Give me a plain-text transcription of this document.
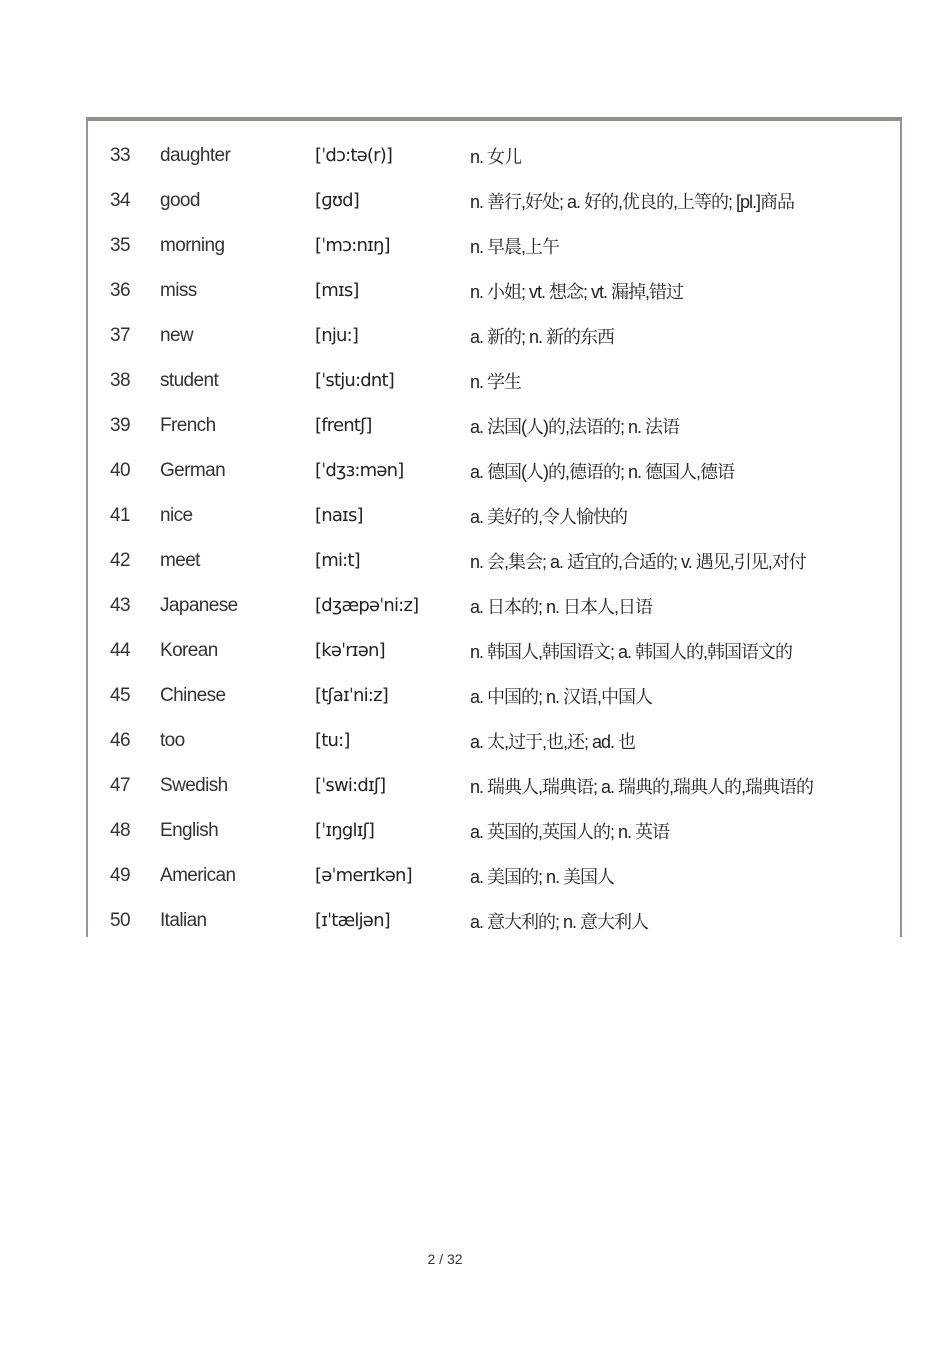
33	daughter	[ˈdɔ:tə(r)]	n. 女儿
34	good	[ɡʊd]	n. 善行,好处; a. 好的,优良的,上等的; [pl.]商品
35	morning	[ˈmɔ:nɪŋ]	n. 早晨,上午
36	miss	[mɪs]	n. 小姐; vt. 想念; vt. 漏掉,错过
37	new	[nju:]	a. 新的; n. 新的东西
38	student	[ˈstju:dnt]	n. 学生
39	French	[frentʃ]	a. 法国(人)的,法语的; n. 法语
40	German	[ˈdʒɜ:mən]	a. 德国(人)的,德语的; n. 德国人,德语
41	nice	[naɪs]	a. 美好的,令人愉快的
42	meet	[mi:t]	n. 会,集会; a. 适宜的,合适的; v. 遇见,引见,对付
43	Japanese	[dʒæpəˈni:z]	a. 日本的; n. 日本人,日语
44	Korean	[kəˈrɪən]	n. 韩国人,韩国语文; a. 韩国人的,韩国语文的
45	Chinese	[tʃaɪˈni:z]	a. 中国的; n. 汉语,中国人
46	too	[tu:]	a. 太,过于,也,还; ad. 也
47	Swedish	[ˈswi:dɪʃ]	n. 瑞典人,瑞典语; a. 瑞典的,瑞典人的,瑞典语的
48	English	[ˈɪŋglɪʃ]	a. 英国的,英国人的; n. 英语
49	American	[əˈmerɪkən]	a. 美国的; n. 美国人
50	Italian	[ɪˈtæljən]	a. 意大利的; n. 意大利人
2 / 32
